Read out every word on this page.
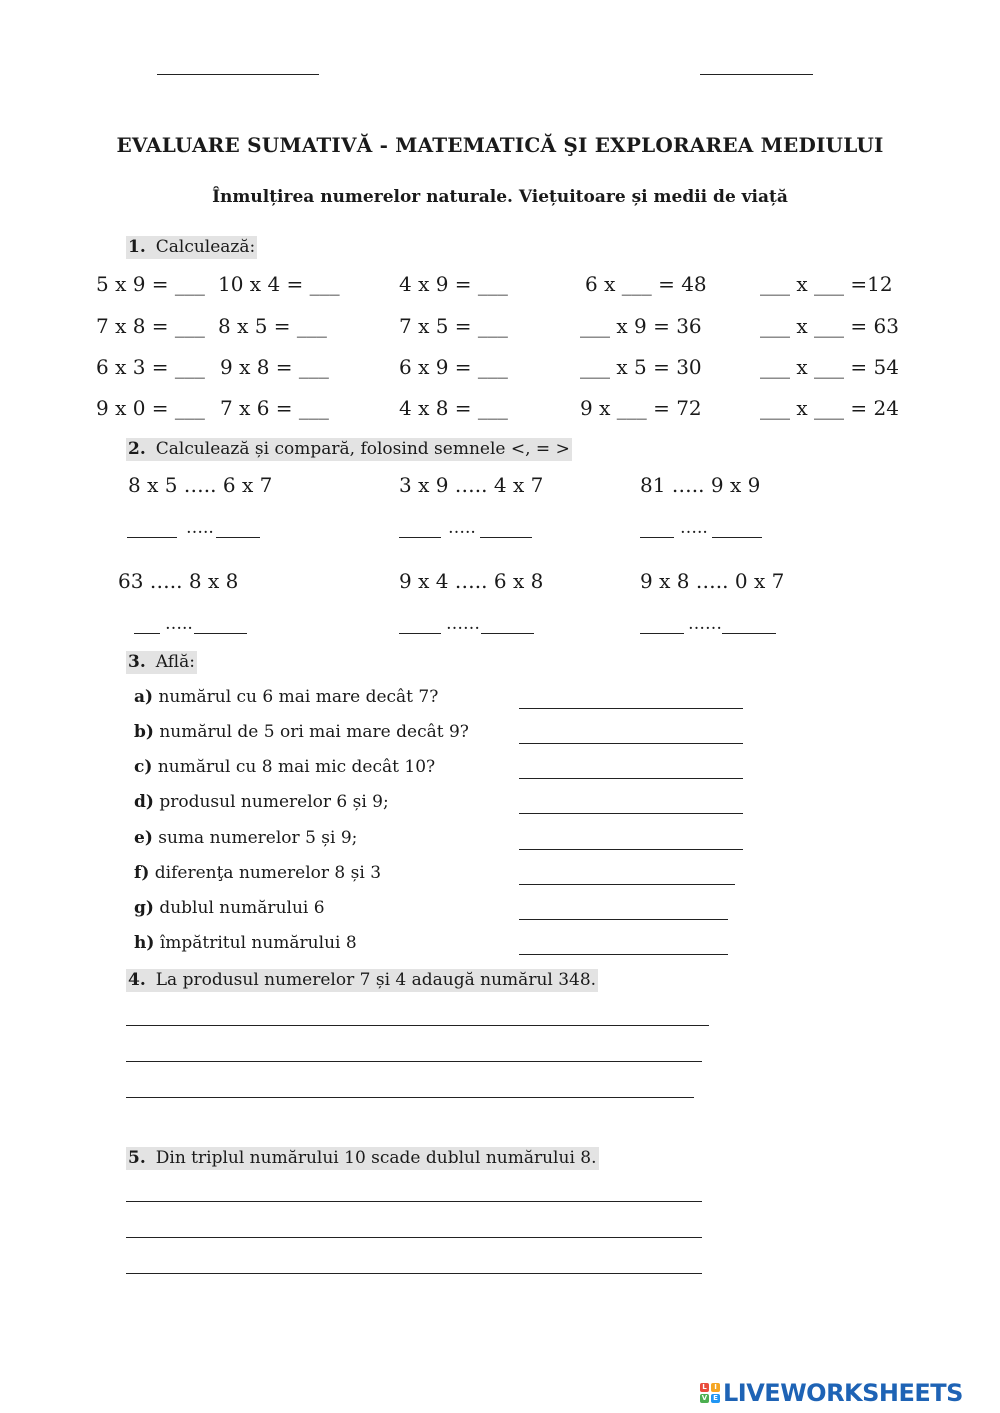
EVALUARE SUMATIVĂ - MATEMATICĂ ŞI EXPLORAREA MEDIULUI
Înmulțirea numerelor naturale. Viețuitoare și medii de viață
1. Calculează:
5 x 9 = ___ 10 x 4 = ___	4 x 9 = ___	6 x ___ = 48	___ x ___ =12
7 x 8 = ___ 8 x 5 = ___	7 x 5 = ___	___ x 9 = 36	___ x ___ = 63
6 x 3 = ___ 9 x 8 = ___	6 x 9 = ___	___ x 5 = 30	___ x ___ = 54
9 x 0 = ___ 7 x 6 = ___	4 x 8 = ___	9 x ___ = 72	___ x ___ = 24
2. Calculează și compară, folosind semnele <, = >
8 x 5 ….. 6 x 7	3 x 9 ….. 4 x 7	81 ….. 9 x 9
…..	…..	…..
63 ….. 8 x 8	9 x 4 ….. 6 x 8	9 x 8 ….. 0 x 7
…..	……	……
3. Află:
a) numărul cu 6 mai mare decât 7?
b) numărul de 5 ori mai mare decât 9?
c) numărul cu 8 mai mic decât 10?
d) produsul numerelor 6 și 9;
e) suma numerelor 5 și 9;
f) diferenţa numerelor 8 și 3
g) dublul numărului 6
h) împătritul numărului 8
4. La produsul numerelor 7 și 4 adaugă numărul 348.
5. Din triplul numărului 10 scade dublul numărului 8.
L	I
V E LIVEWORKSHEETS
